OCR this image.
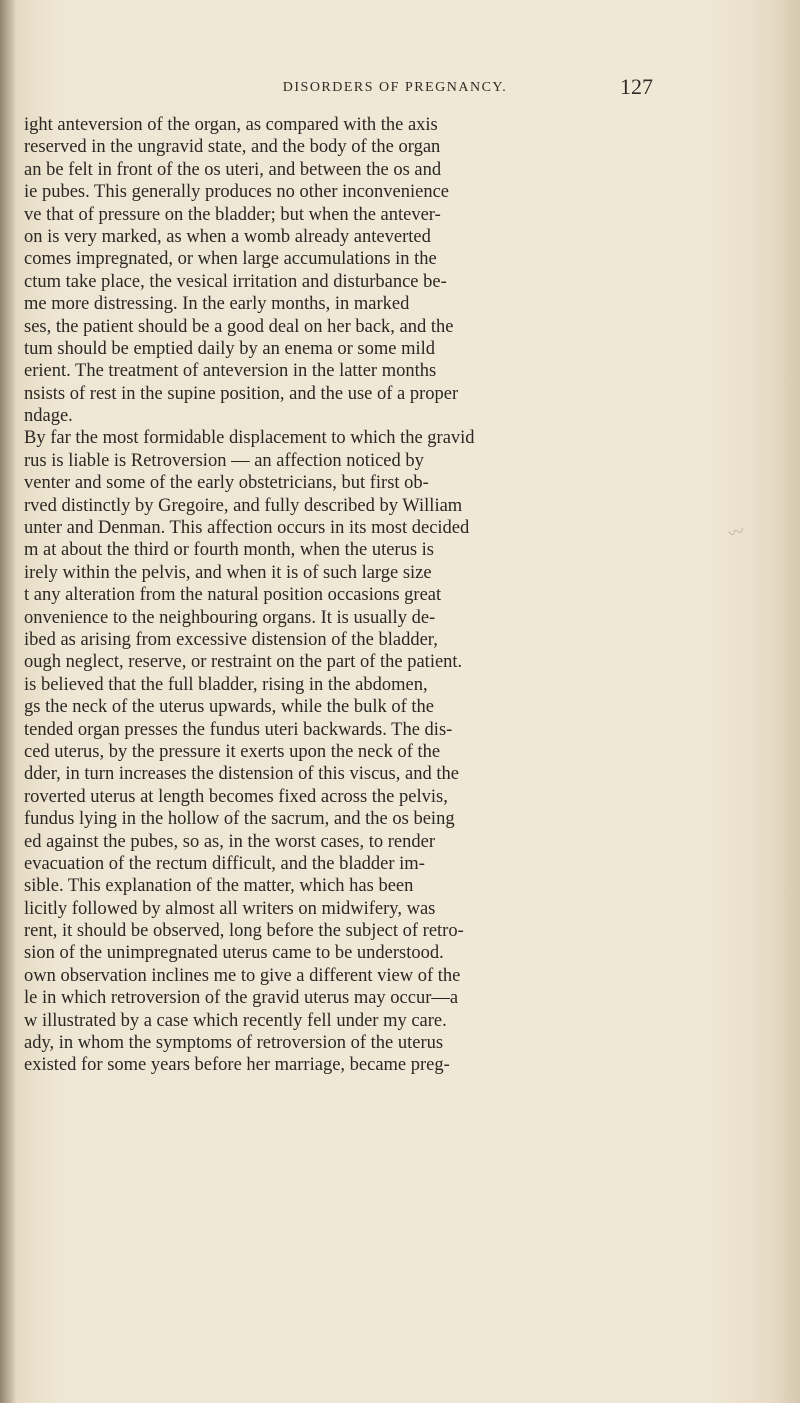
DISORDERS OF PREGNANCY.	127
ight anteversion of the organ, as compared with the axis
reserved in the ungravid state, and the body of the organ
an be felt in front of the os uteri, and between the os and
ie pubes. This generally produces no other inconvenience
ve that of pressure on the bladder; but when the antever-
on is very marked, as when a womb already anteverted
comes impregnated, or when large accumulations in the
ctum take place, the vesical irritation and disturbance be-
me more distressing. In the early months, in marked
ses, the patient should be a good deal on her back, and the
tum should be emptied daily by an enema or some mild
erient. The treatment of anteversion in the latter months
nsists of rest in the supine position, and the use of a proper
ndage.
By far the most formidable displacement to which the gravid
rus is liable is Retroversion — an affection noticed by
venter and some of the early obstetricians, but first ob-
rved distinctly by Gregoire, and fully described by William
unter and Denman. This affection occurs in its most decided
m at about the third or fourth month, when the uterus is
irely within the pelvis, and when it is of such large size
t any alteration from the natural position occasions great
onvenience to the neighbouring organs. It is usually de-
ibed as arising from excessive distension of the bladder,
ough neglect, reserve, or restraint on the part of the patient.
is believed that the full bladder, rising in the abdomen,
gs the neck of the uterus upwards, while the bulk of the
tended organ presses the fundus uteri backwards. The dis-
ced uterus, by the pressure it exerts upon the neck of the
dder, in turn increases the distension of this viscus, and the
roverted uterus at length becomes fixed across the pelvis,
fundus lying in the hollow of the sacrum, and the os being
ed against the pubes, so as, in the worst cases, to render
evacuation of the rectum difficult, and the bladder im-
sible. This explanation of the matter, which has been
licitly followed by almost all writers on midwifery, was
rent, it should be observed, long before the subject of retro-
sion of the unimpregnated uterus came to be understood.
own observation inclines me to give a different view of the
le in which retroversion of the gravid uterus may occur—a
w illustrated by a case which recently fell under my care.
ady, in whom the symptoms of retroversion of the uterus
existed for some years before her marriage, became preg-
〰
